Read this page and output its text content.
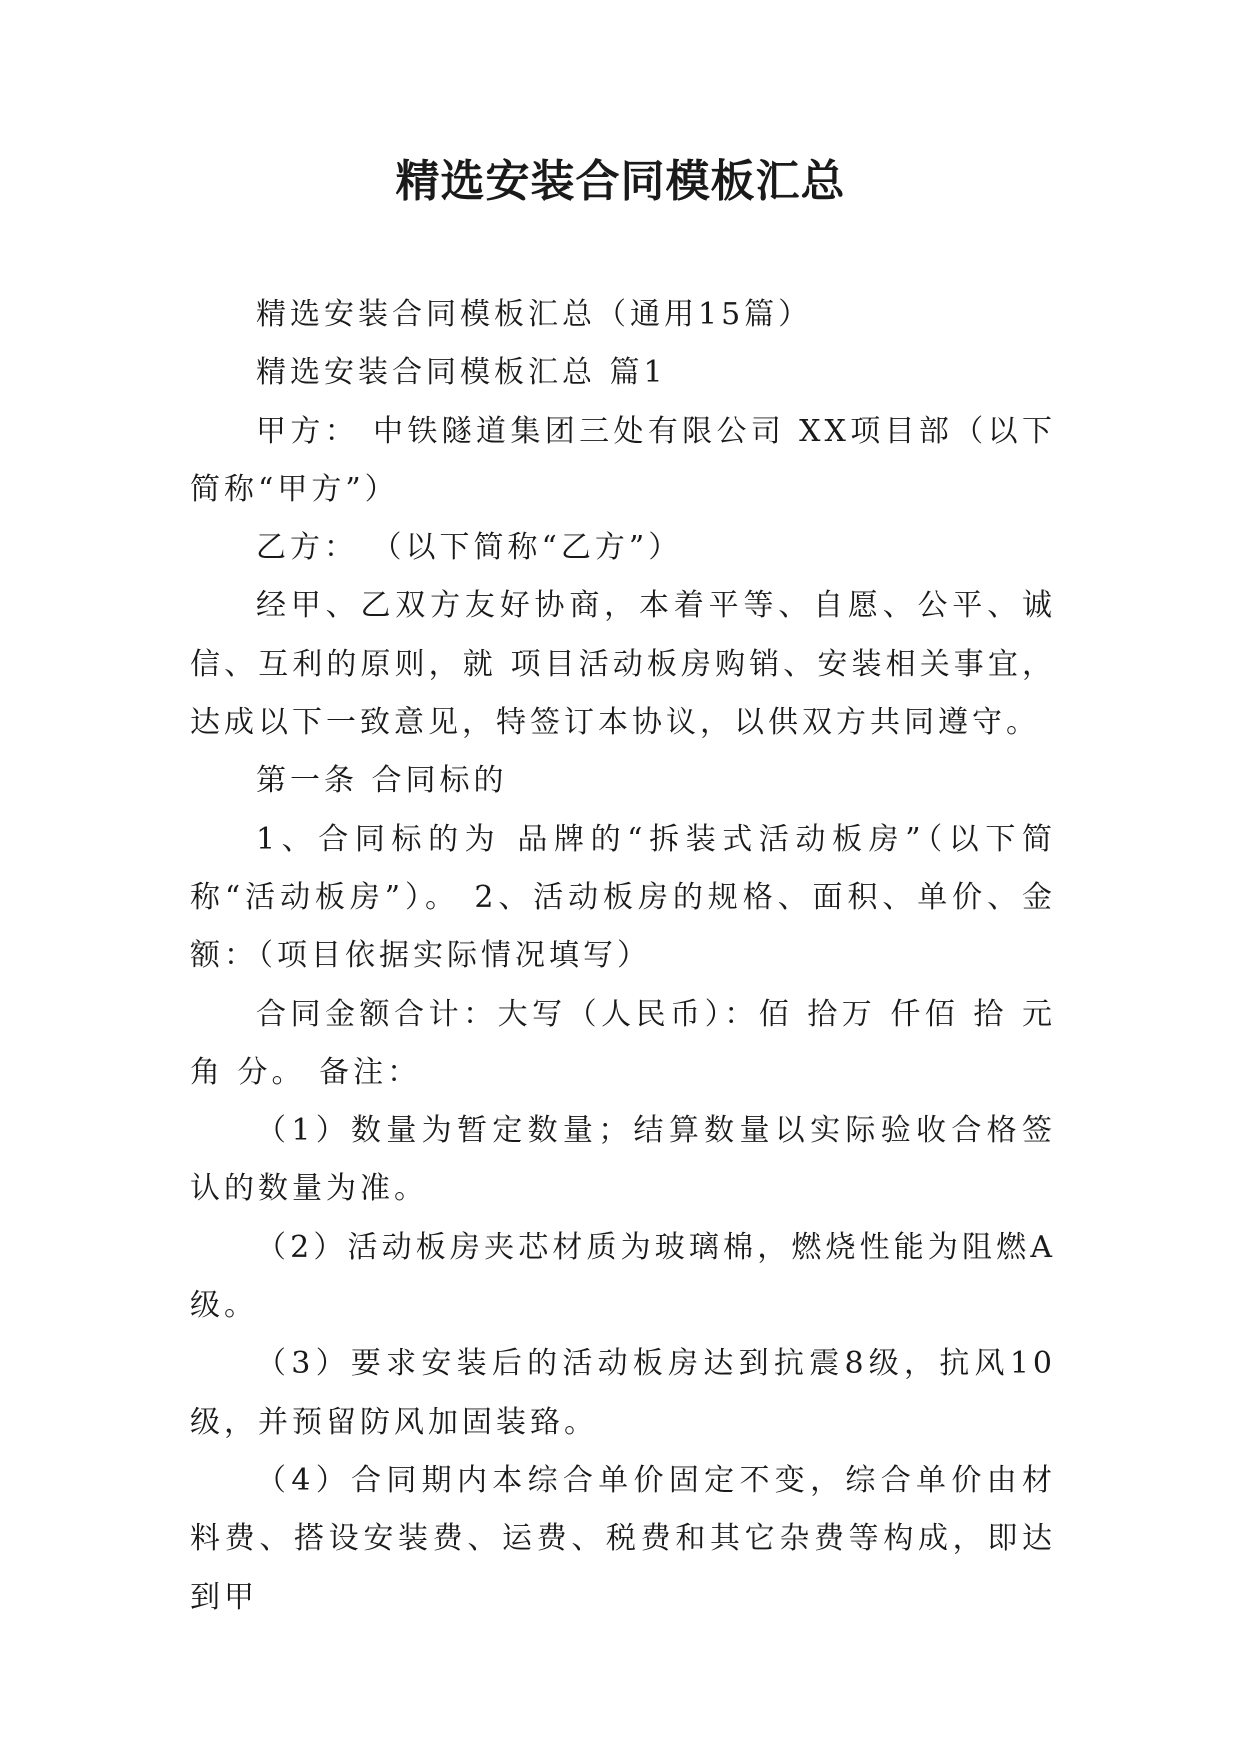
精选安装合同模板汇总

精选安装合同模板汇总（通用15篇）

精选安装合同模板汇总 篇1

甲方： 中铁隧道集团三处有限公司 XX项目部（以下简称“甲方”）

乙方： （以下简称“乙方”）

经甲、乙双方友好协商，本着平等、自愿、公平、诚信、互利的原则，就 项目活动板房购销、安装相关事宜，达成以下一致意见，特签订本协议，以供双方共同遵守。

第一条 合同标的

1、合同标的为 品牌的“拆装式活动板房”（以下简称“活动板房”）。 2、活动板房的规格、面积、单价、金额：（项目依据实际情况填写）

合同金额合计：大写（人民币）：佰 拾万 仟佰 拾 元 角 分。 备注：

（1）数量为暂定数量；结算数量以实际验收合格签认的数量为准。

（2）活动板房夹芯材质为玻璃棉，燃烧性能为阻燃A级。

（3）要求安装后的活动板房达到抗震8级，抗风10级，并预留防风加固装臵。

（4）合同期内本综合单价固定不变，综合单价由材料费、搭设安装费、运费、税费和其它杂费等构成，即达到甲
